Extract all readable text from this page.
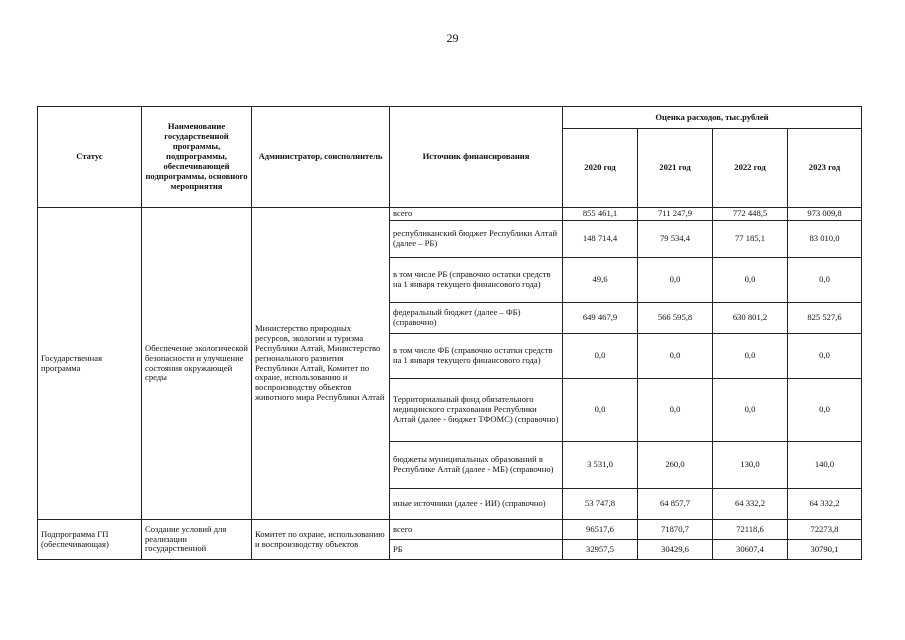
29
Статус	Наименование государственной программы, подпрограммы, обеспечивающей подпрограммы, основного мероприятия	Администратор, соисполнитель	Источник финансирования	Оценка расходов, тыс.рублей			
				2020 год	2021 год	2022 год	2023 год
Государственная программа	Обеспечение экологической безопасности и улучшение состояния окружающей среды	Министерство природных ресурсов, экологии и туризма Республики Алтай, Министерство регионального развития Республики Алтай, Комитет по охране, использованию и воспроизводству объектов животного мира Республики Алтай	всего	855 461,1	711 247,9	772 448,5	973 009,8
			республиканский бюджет Республики Алтай (далее – РБ)	148 714,4	79 534,4	77 185,1	83 010,0
			в том числе РБ (справочно остатки средств на 1 января текущего финансового года)	49,6	0,0	0,0	0,0
			федеральный бюджет (далее – ФБ) (справочно)	649 467,9	566 595,8	630 801,2	825 527,6
			в том числе ФБ (справочно остатки средств на 1 января текущего финансового года)	0,0	0,0	0,0	0,0
			Территориальный фонд обязательного медицинского страхования Республики Алтай (далее - бюджет ТФОМС) (справочно)	0,0	0,0	0,0	0,0
			бюджеты муниципальных образований в Республике Алтай (далее - МБ) (справочно)	3 531,0	260,0	130,0	140,0
			иные источники (далее - ИИ) (справочно)	53 747,8	64 857,7	64 332,2	64 332,2
Подпрограмма ГП (обеспечивающая)	Создание условий для реализации государственной	Комитет по охране, использованию и воспроизводству объектов	всего	96517,6	71870,7	72118,6	72273,8
			РБ	32957,5	30429,6	30607,4	30790,1
